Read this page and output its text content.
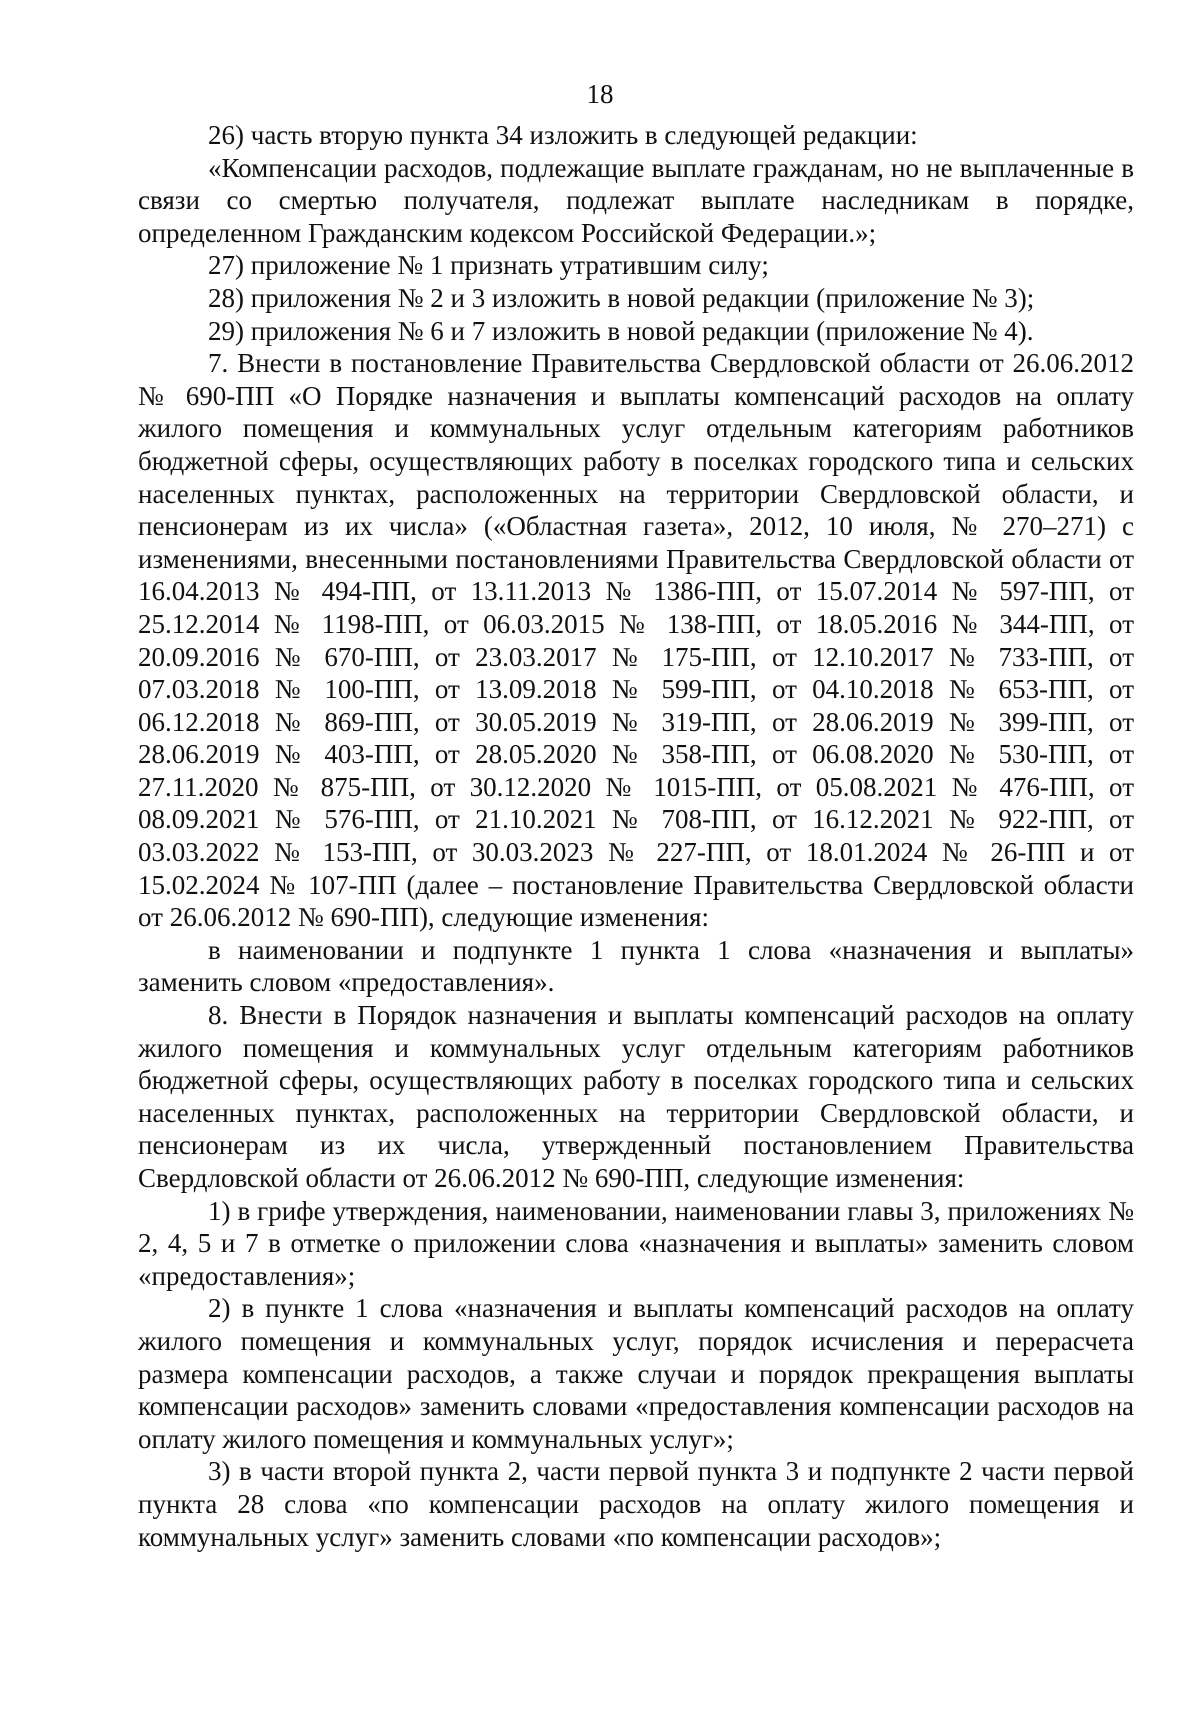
18

26) часть вторую пункта 34 изложить в следующей редакции:

«Компенсации расходов, подлежащие выплате гражданам, но не выплаченные в связи со смертью получателя, подлежат выплате наследникам в порядке, определенном Гражданским кодексом Российской Федерации.»;

27) приложение № 1 признать утратившим силу;

28) приложения № 2 и 3 изложить в новой редакции (приложение № 3);

29) приложения № 6 и 7 изложить в новой редакции (приложение № 4).

7. Внести в постановление Правительства Свердловской области от 26.06.2012 № 690-ПП «О Порядке назначения и выплаты компенсаций расходов на оплату жилого помещения и коммунальных услуг отдельным категориям работников бюджетной сферы, осуществляющих работу в поселках городского типа и сельских населенных пунктах, расположенных на территории Свердловской области, и пенсионерам из их числа» («Областная газета», 2012, 10 июля, № 270–271) с изменениями, внесенными постановлениями Правительства Свердловской области от 16.04.2013 № 494-ПП, от 13.11.2013 № 1386-ПП, от 15.07.2014 № 597-ПП, от 25.12.2014 № 1198-ПП, от 06.03.2015 № 138-ПП, от 18.05.2016 № 344-ПП, от 20.09.2016 № 670-ПП, от 23.03.2017 № 175-ПП, от 12.10.2017 № 733-ПП, от 07.03.2018 № 100-ПП, от 13.09.2018 № 599-ПП, от 04.10.2018 № 653-ПП, от 06.12.2018 № 869-ПП, от 30.05.2019 № 319-ПП, от 28.06.2019 № 399-ПП, от 28.06.2019 № 403-ПП, от 28.05.2020 № 358-ПП, от 06.08.2020 № 530-ПП, от 27.11.2020 № 875-ПП, от 30.12.2020 № 1015-ПП, от 05.08.2021 № 476-ПП, от 08.09.2021 № 576-ПП, от 21.10.2021 № 708-ПП, от 16.12.2021 № 922-ПП, от 03.03.2022 № 153-ПП, от 30.03.2023 № 227-ПП, от 18.01.2024 № 26-ПП и от 15.02.2024 № 107-ПП (далее – постановление Правительства Свердловской области от 26.06.2012 № 690-ПП), следующие изменения:

в наименовании и подпункте 1 пункта 1 слова «назначения и выплаты» заменить словом «предоставления».

8. Внести в Порядок назначения и выплаты компенсаций расходов на оплату жилого помещения и коммунальных услуг отдельным категориям работников бюджетной сферы, осуществляющих работу в поселках городского типа и сельских населенных пунктах, расположенных на территории Свердловской области, и пенсионерам из их числа, утвержденный постановлением Правительства Свердловской области от 26.06.2012 № 690-ПП, следующие изменения:

1) в грифе утверждения, наименовании, наименовании главы 3, приложениях № 2, 4, 5 и 7 в отметке о приложении слова «назначения и выплаты» заменить словом «предоставления»;

2) в пункте 1 слова «назначения и выплаты компенсаций расходов на оплату жилого помещения и коммунальных услуг, порядок исчисления и перерасчета размера компенсации расходов, а также случаи и порядок прекращения выплаты компенсации расходов» заменить словами «предоставления компенсации расходов на оплату жилого помещения и коммунальных услуг»;

3) в части второй пункта 2, части первой пункта 3 и подпункте 2 части первой пункта 28 слова «по компенсации расходов на оплату жилого помещения и коммунальных услуг» заменить словами «по компенсации расходов»;
